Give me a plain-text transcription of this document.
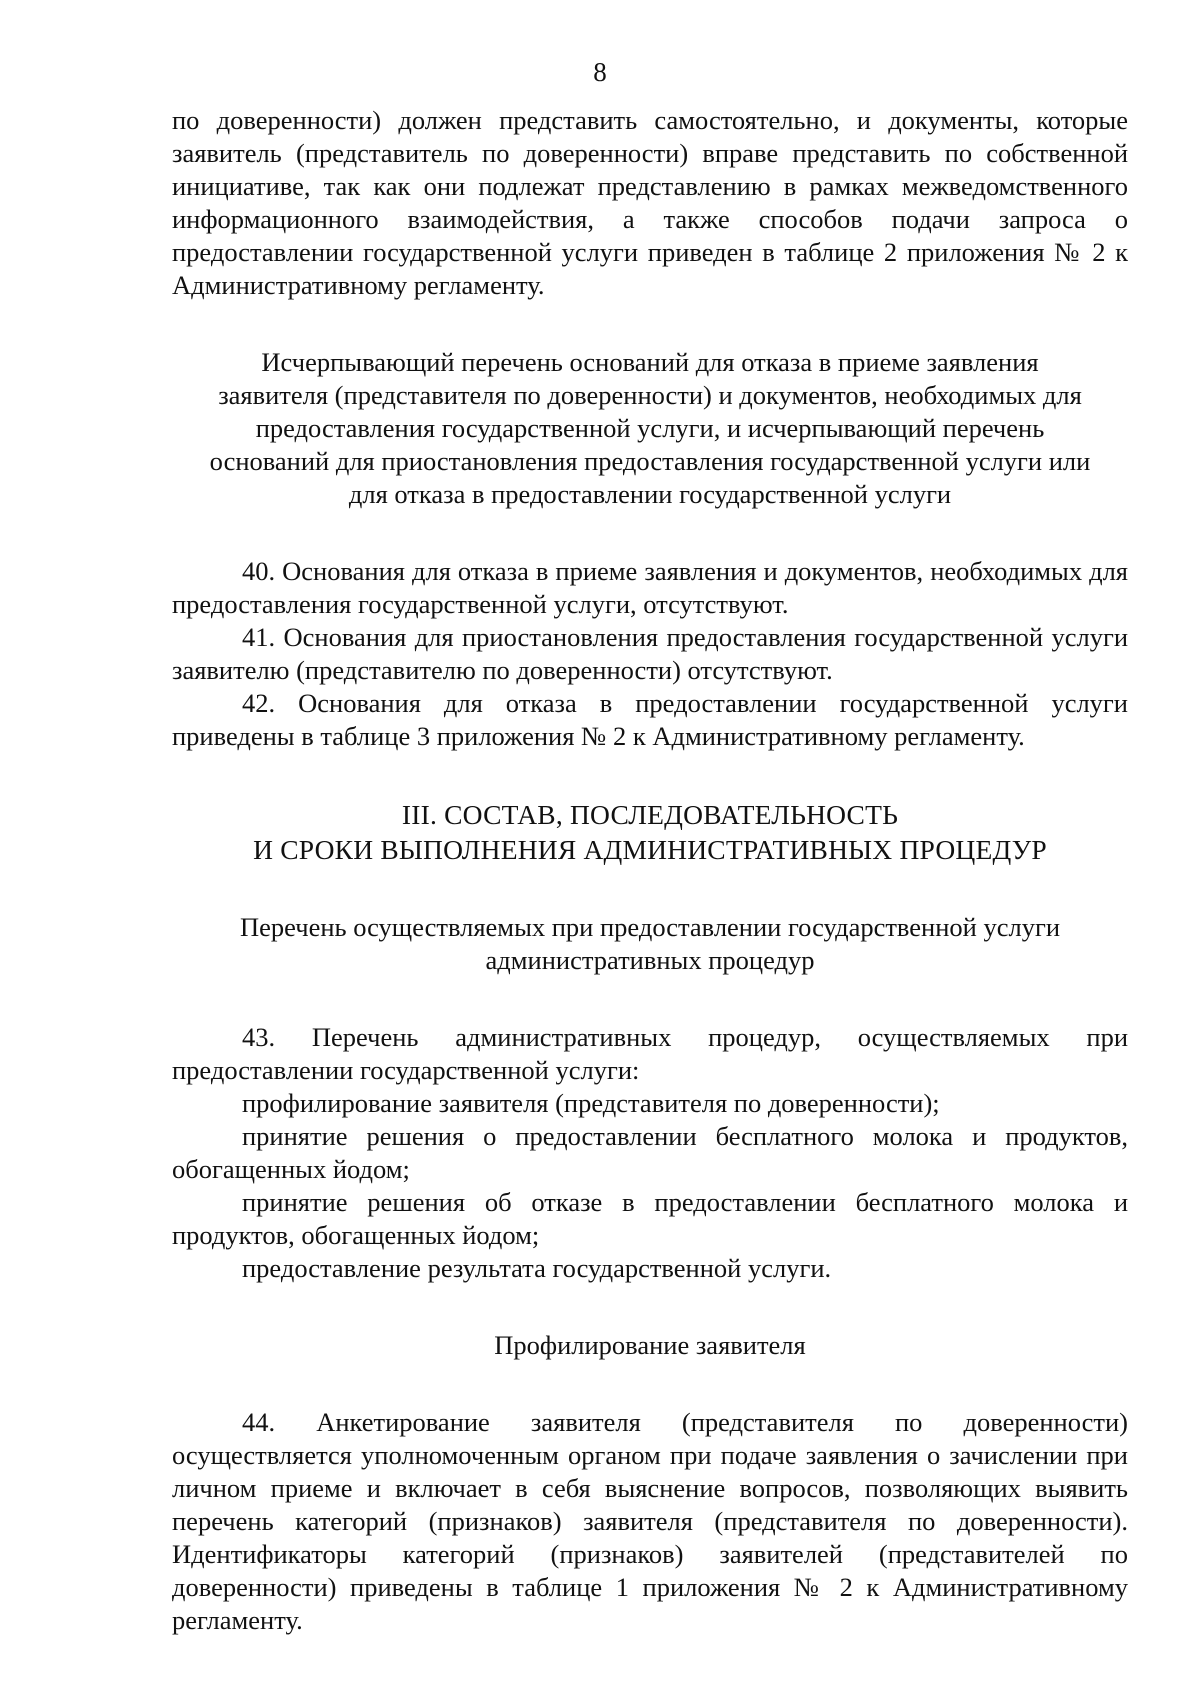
8

по доверенности) должен представить самостоятельно, и документы, которые заявитель (представитель по доверенности) вправе представить по собственной инициативе, так как они подлежат представлению в рамках межведомственного информационного взаимодействия, а также способов подачи запроса о предоставлении государственной услуги приведен в таблице 2 приложения № 2 к Административному регламенту.

Исчерпывающий перечень оснований для отказа в приеме заявления
заявителя (представителя по доверенности) и документов, необходимых для
предоставления государственной услуги, и исчерпывающий перечень
оснований для приостановления предоставления государственной услуги или
для отказа в предоставлении государственной услуги

40. Основания для отказа в приеме заявления и документов, необходимых для предоставления государственной услуги, отсутствуют.

41. Основания для приостановления предоставления государственной услуги заявителю (представителю по доверенности) отсутствуют.

42. Основания для отказа в предоставлении государственной услуги приведены в таблице 3 приложения № 2 к Административному регламенту.

III. СОСТАВ, ПОСЛЕДОВАТЕЛЬНОСТЬ

И СРОКИ ВЫПОЛНЕНИЯ АДМИНИСТРАТИВНЫХ ПРОЦЕДУР

Перечень осуществляемых при предоставлении государственной услуги
административных процедур

43. Перечень административных процедур, осуществляемых при предоставлении государственной услуги:

профилирование заявителя (представителя по доверенности);

принятие решения о предоставлении бесплатного молока и продуктов, обогащенных йодом;

принятие решения об отказе в предоставлении бесплатного молока и продуктов, обогащенных йодом;

предоставление результата государственной услуги.

Профилирование заявителя

44. Анкетирование заявителя (представителя по доверенности) осуществляется уполномоченным органом при подаче заявления о зачислении при личном приеме и включает в себя выяснение вопросов, позволяющих выявить перечень категорий (признаков) заявителя (представителя по доверенности). Идентификаторы категорий (признаков) заявителей (представителей по доверенности) приведены в таблице 1 приложения № 2 к Административному регламенту.
